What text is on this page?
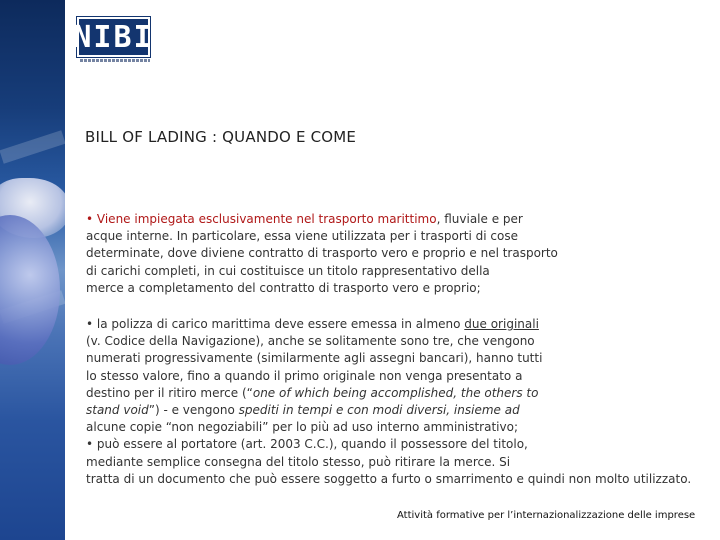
NIBI
BILL OF LADING : QUANDO E COME
• Viene impiegata esclusivamente nel trasporto marittimo, fluviale e per
acque interne. In particolare, essa viene utilizzata per i trasporti di cose
determinate, dove diviene contratto di trasporto vero e proprio e nel trasporto
di carichi completi, in cui costituisce un titolo rappresentativo della
merce a completamento del contratto di trasporto vero e proprio;
• la polizza di carico marittima deve essere emessa in almeno due originali
(v. Codice della Navigazione), anche se solitamente sono tre, che vengono
numerati progressivamente (similarmente agli assegni bancari), hanno tutti
lo stesso valore, fino a quando il primo originale non venga presentato a
destino per il ritiro merce (“one of which being accomplished, the others to
stand void”) - e vengono spediti in tempi e con modi diversi, insieme ad
alcune copie “non negoziabili” per lo più ad uso interno amministrativo;
• può essere al portatore (art. 2003 C.C.), quando il possessore del titolo,
mediante semplice consegna del titolo stesso, può ritirare la merce. Si
tratta di un documento che può essere soggetto a furto o smarrimento e quindi non molto utilizzato.
Attività formative per l’internazionalizzazione delle imprese
